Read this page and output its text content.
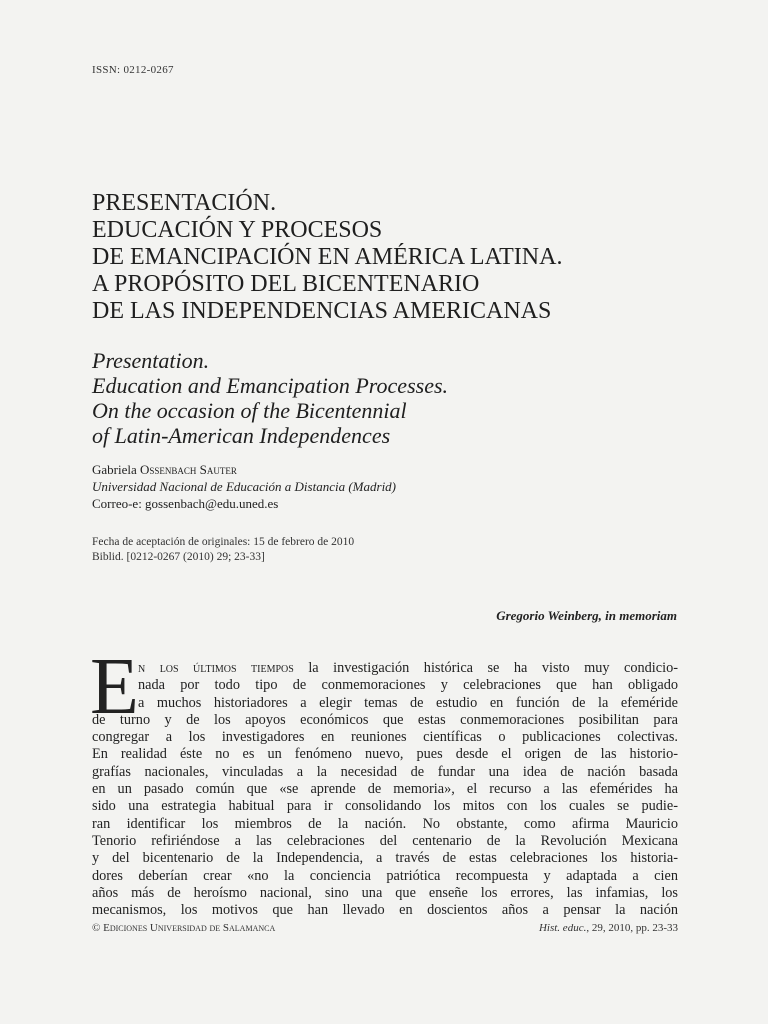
ISSN: 0212-0267
PRESENTACIÓN.
EDUCACIÓN Y PROCESOS
DE EMANCIPACIÓN EN AMÉRICA LATINA.
A PROPÓSITO DEL BICENTENARIO
DE LAS INDEPENDENCIAS AMERICANAS
Presentation.
Education and Emancipation Processes.
On the occasion of the Bicentennial
of Latin-American Independences
Gabriela Ossenbach Sauter
Universidad Nacional de Educación a Distancia (Madrid)
Correo-e: gossenbach@edu.uned.es
Fecha de aceptación de originales: 15 de febrero de 2010
Biblid. [0212-0267 (2010) 29; 23-33]
Gregorio Weinberg, in memoriam
E n los últimos tiempos la investigación histórica se ha visto muy condicio-
nada por todo tipo de conmemoraciones y celebraciones que han obligado
a muchos historiadores a elegir temas de estudio en función de la efeméride
de turno y de los apoyos económicos que estas conmemoraciones posibilitan para
congregar a los investigadores en reuniones científicas o publicaciones colectivas.
En realidad éste no es un fenómeno nuevo, pues desde el origen de las historio-
grafías nacionales, vinculadas a la necesidad de fundar una idea de nación basada
en un pasado común que «se aprende de memoria», el recurso a las efemérides ha
sido una estrategia habitual para ir consolidando los mitos con los cuales se pudie-
ran identificar los miembros de la nación. No obstante, como afirma Mauricio
Tenorio refiriéndose a las celebraciones del centenario de la Revolución Mexicana
y del bicentenario de la Independencia, a través de estas celebraciones los historia-
dores deberían crear «no la conciencia patriótica recompuesta y adaptada a cien
años más de heroísmo nacional, sino una que enseñe los errores, las infamias, los
mecanismos, los motivos que han llevado en doscientos años a pensar la nación
© Ediciones Universidad de Salamanca	Hist. educ., 29, 2010, pp. 23-33
